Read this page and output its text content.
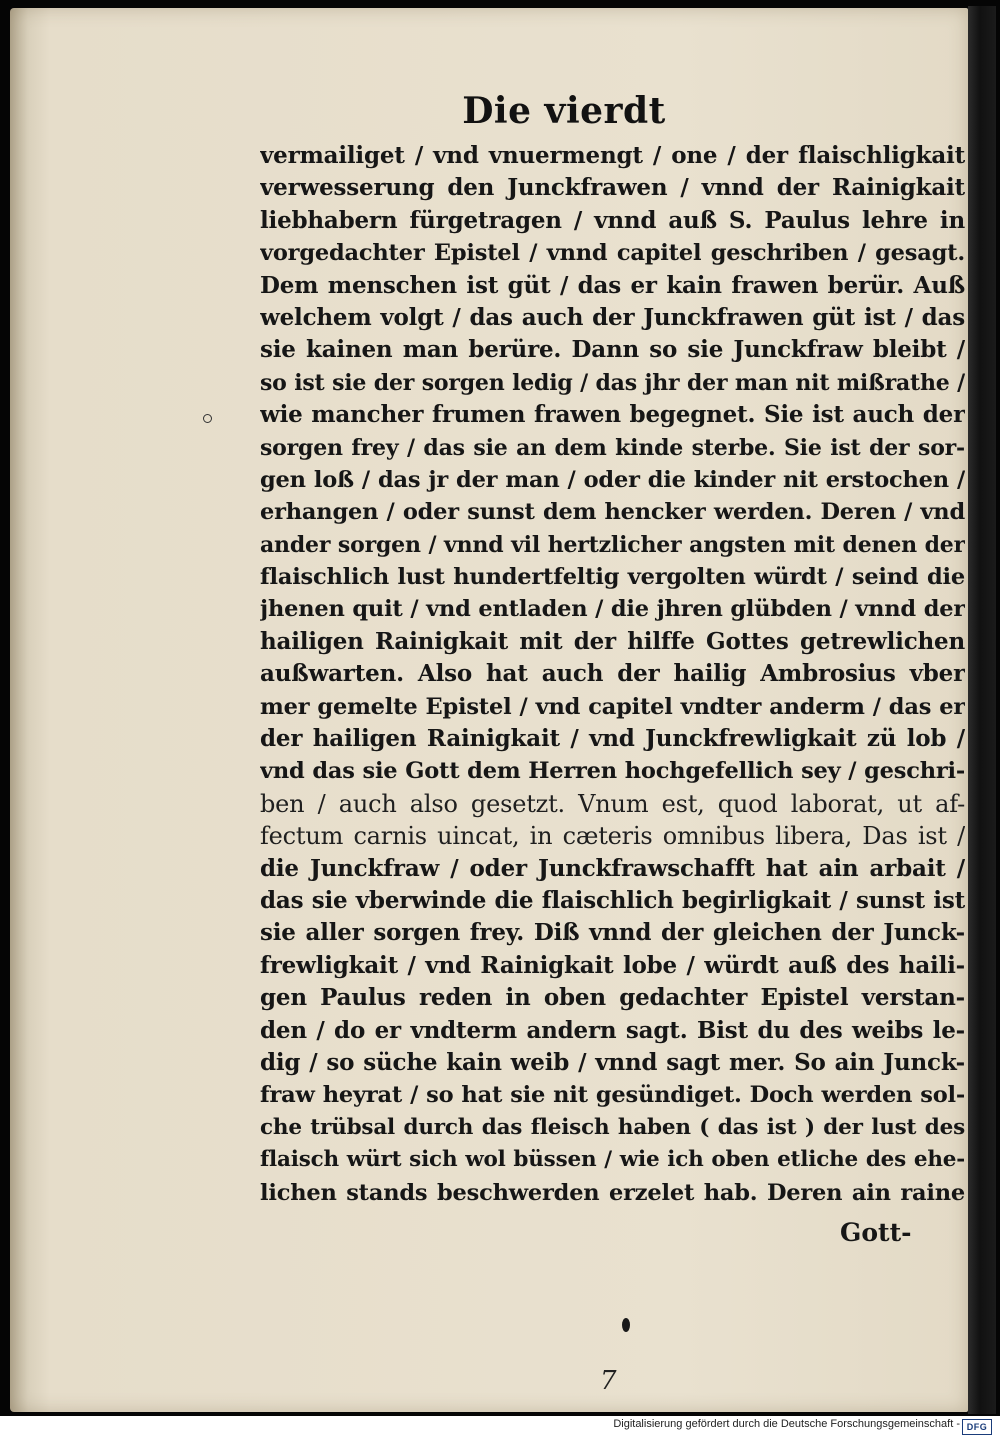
Die vierdt
vermailiget / vnd vnuermengt / one / der flaischligkait
verwesserung den Junckfrawen / vnnd der Rainigkait
liebhabern fürgetragen / vnnd auß S. Paulus lehre in
vorgedachter Epistel / vnnd capitel geschriben / gesagt.
Dem menschen ist güt / das er kain frawen berür. Auß
welchem volgt / das auch der Junckfrawen güt ist / das
sie kainen man berüre. Dann so sie Junckfraw bleibt /
so ist sie der sorgen ledig / das jhr der man nit mißrathe /
wie mancher frumen frawen begegnet. Sie ist auch der
sorgen frey / das sie an dem kinde sterbe. Sie ist der sor-
gen loß / das jr der man / oder die kinder nit erstochen /
erhangen / oder sunst dem hencker werden. Deren / vnd
ander sorgen / vnnd vil hertzlicher angsten mit denen der
flaischlich lust hundertfeltig vergolten würdt / seind die
jhenen quit / vnd entladen / die jhren glübden / vnnd der
hailigen Rainigkait mit der hilffe Gottes getrewlichen
außwarten. Also hat auch der hailig Ambrosius vber
mer gemelte Epistel / vnd capitel vndter anderm / das er
der hailigen Rainigkait / vnd Junckfrewligkait zü lob /
vnd das sie Gott dem Herren hochgefellich sey / geschri-
ben / auch also gesetzt. Vnum est, quod laborat, ut af-
fectum carnis uincat, in cæteris omnibus libera, Das ist /
die Junckfraw / oder Junckfrawschafft hat ain arbait /
das sie vberwinde die flaischlich begirligkait / sunst ist
sie aller sorgen frey. Diß vnnd der gleichen der Junck-
frewligkait / vnd Rainigkait lobe / würdt auß des haili-
gen Paulus reden in oben gedachter Epistel verstan-
den / do er vndterm andern sagt. Bist du des weibs le-
dig / so süche kain weib / vnnd sagt mer. So ain Junck-
fraw heyrat / so hat sie nit gesündiget. Doch werden sol-
che trübsal durch das fleisch haben ( das ist ) der lust des
flaisch würt sich wol büssen / wie ich oben etliche des ehe-
lichen stands beschwerden erzelet hab. Deren ain raine
Gott-
7
Digitalisierung gefördert durch die Deutsche Forschungsgemeinschaft - DFG
